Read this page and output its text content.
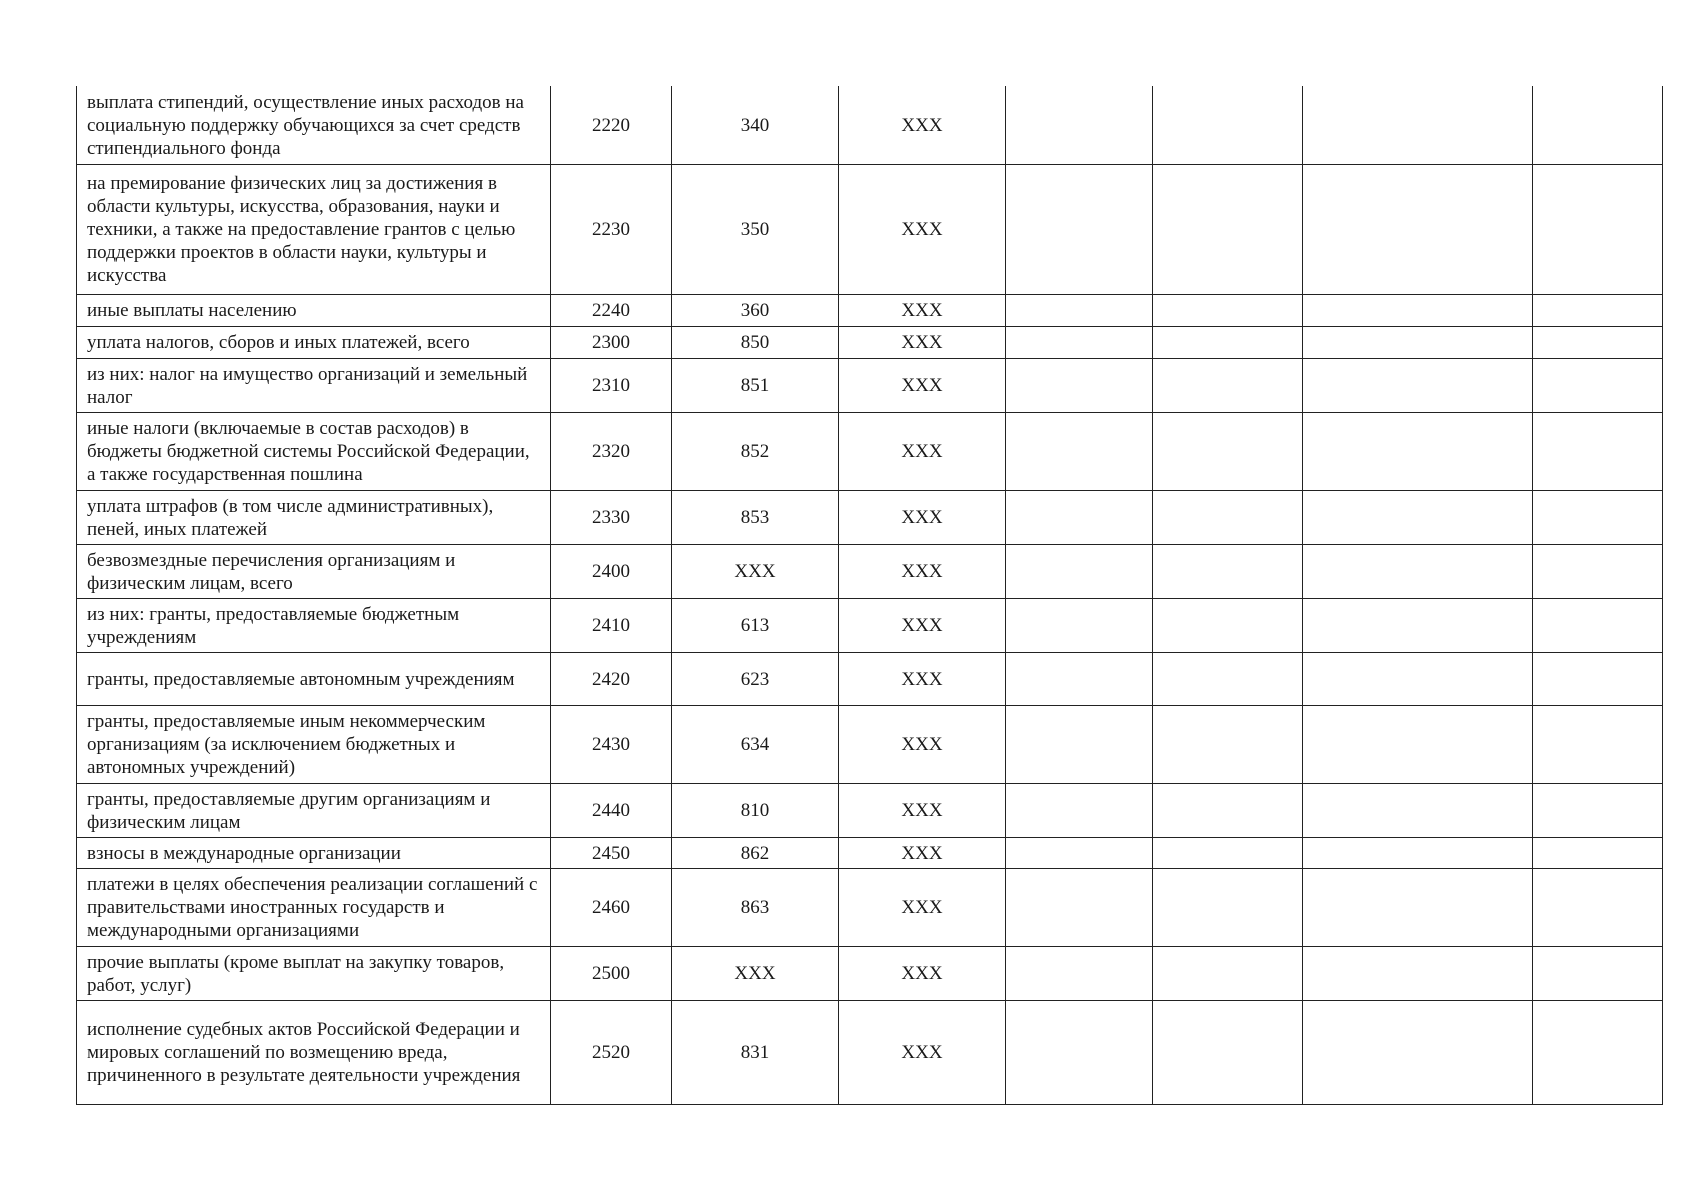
выплата стипендий, осуществление иных расходов на социальную поддержку обучающихся за счет средств стипендиального фонда	2220	340	XXX				
на премирование физических лиц за достижения в области культуры, искусства, образования, науки и техники, а также на предоставление грантов с целью поддержки проектов в области науки, культуры и искусства	2230	350	XXX				
иные выплаты населению	2240	360	XXX				
уплата налогов, сборов и иных платежей, всего	2300	850	XXX				
из них: налог на имущество организаций и земельный налог	2310	851	XXX				
иные налоги (включаемые в состав расходов) в бюджеты бюджетной системы Российской Федерации, а также государственная пошлина	2320	852	XXX				
уплата штрафов (в том числе административных), пеней, иных платежей	2330	853	XXX				
безвозмездные перечисления организациям и физическим лицам, всего	2400	XXX	XXX				
из них: гранты, предоставляемые бюджетным учреждениям	2410	613	XXX				
гранты, предоставляемые автономным учреждениям	2420	623	XXX				
гранты, предоставляемые иным некоммерческим организациям (за исключением бюджетных и автономных учреждений)	2430	634	XXX				
гранты, предоставляемые другим организациям и физическим лицам	2440	810	XXX				
взносы в международные организации	2450	862	XXX				
платежи в целях обеспечения реализации соглашений с правительствами иностранных государств и международными организациями	2460	863	XXX				
прочие выплаты (кроме выплат на закупку товаров, работ, услуг)	2500	XXX	XXX				
исполнение судебных актов Российской Федерации и мировых соглашений по возмещению вреда, причиненного в результате деятельности учреждения	2520	831	XXX				
